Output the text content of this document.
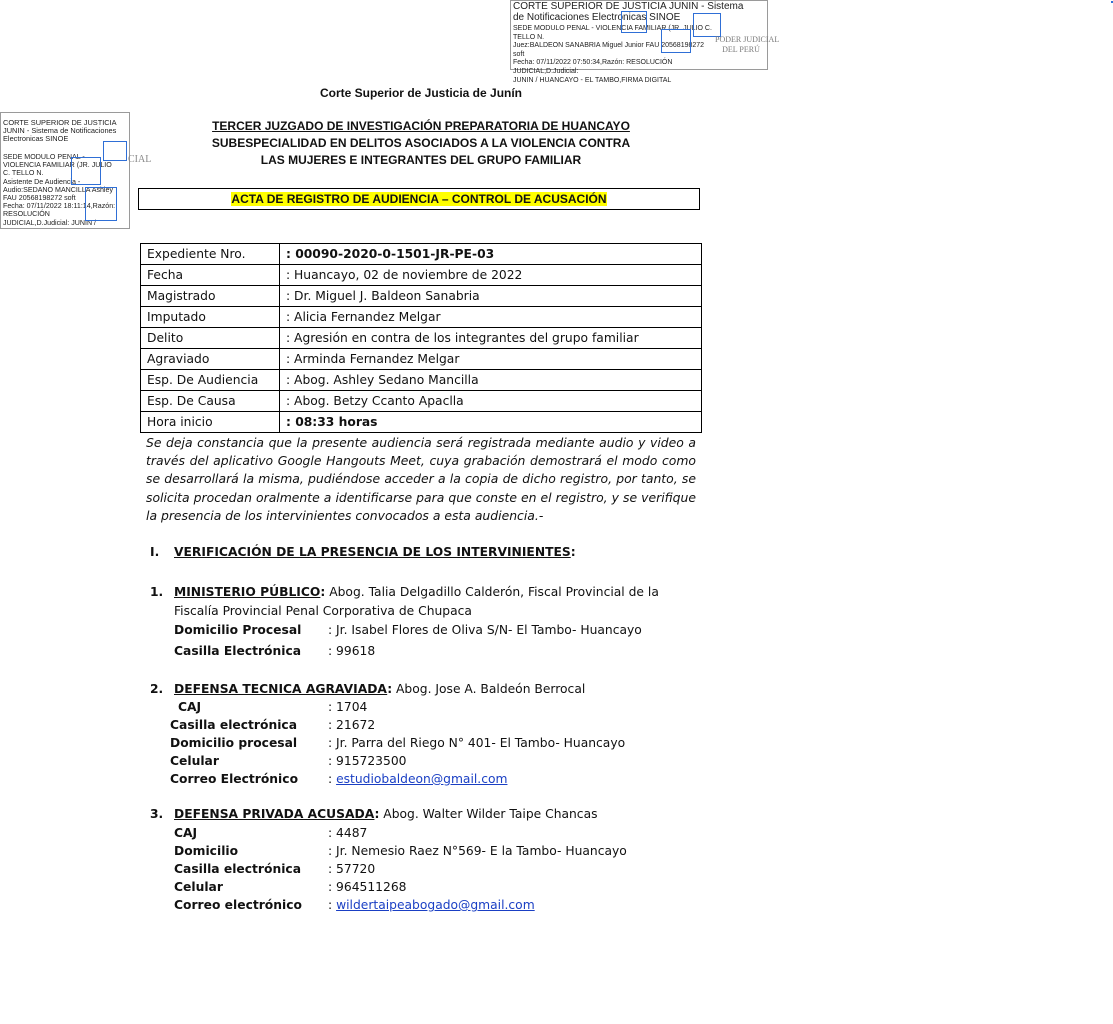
CORTE SUPERIOR DE JUSTICIA JUNIN - Sistema
de Notificaciones Electronicas SINOE
SEDE MODULO PENAL - VIOLENCIA FAMILIAR (JR. JULIO C. TELLO N.
Juez:BALDEON SANABRIA Miguel Junior FAU 20568198272 soft
Fecha: 07/11/2022 07:50:34,Razón: RESOLUCIÓN JUDICIAL,D.Judicial:
JUNIN / HUANCAYO - EL TAMBO,FIRMA DIGITAL
PODER JUDICIAL
DEL PERÚ
CORTE SUPERIOR DE JUSTICIA
JUNIN - Sistema de Notificaciones
Electronicas SINOE
SEDE MODULO PENAL -
VIOLENCIA FAMILIAR (JR. JULIO
C. TELLO N.
Asistente De Audiencia -
Audio:SEDANO MANCILLA Ashley
FAU 20568198272 soft
Fecha: 07/11/2022 18:11:14,Razón:
RESOLUCIÓN
JUDICIAL,D.Judicial: JUNIN /
CIAL
Corte Superior de Justicia de Junín
TERCER JUZGADO DE INVESTIGACIÓN PREPARATORIA DE HUANCAYO
SUBESPECIALIDAD EN DELITOS ASOCIADOS A LA VIOLENCIA CONTRA
LAS MUJERES E INTEGRANTES DEL GRUPO FAMILIAR
ACTA DE REGISTRO DE AUDIENCIA – CONTROL DE ACUSACIÓN
Expediente Nro.	: 00090-2020-0-1501-JR-PE-03
Fecha	: Huancayo, 02 de noviembre de 2022
Magistrado	: Dr. Miguel J. Baldeon Sanabria
Imputado	: Alicia Fernandez Melgar
Delito	: Agresión en contra de los integrantes del grupo familiar
Agraviado	: Arminda Fernandez Melgar
Esp. De Audiencia	: Abog. Ashley Sedano Mancilla
Esp. De Causa	: Abog. Betzy Ccanto Apaclla
Hora inicio	: 08:33 horas
Se deja constancia que la presente audiencia será registrada mediante audio y video a través del aplicativo Google Hangouts Meet, cuya grabación demostrará el modo como se desarrollará la misma, pudiéndose acceder a la copia de dicho registro, por tanto, se solicita procedan oralmente a identificarse para que conste en el registro, y se verifique la presencia de los intervinientes convocados a esta audiencia.-
I. VERIFICACIÓN DE LA PRESENCIA DE LOS INTERVINIENTES:
1. MINISTERIO PÚBLICO: Abog. Talia Delgadillo Calderón, Fiscal Provincial de la
Fiscalía Provincial Penal Corporativa de Chupaca
Domicilio Procesal : Jr. Isabel Flores de Oliva S/N- El Tambo- Huancayo
Casilla Electrónica : 99618
2. DEFENSA TECNICA AGRAVIADA: Abog. Jose A. Baldeón Berrocal
CAJ	: 1704
Casilla electrónica	: 21672
Domicilio procesal	: Jr. Parra del Riego N° 401- El Tambo- Huancayo
Celular	: 915723500
Correo Electrónico : estudiobaldeon@gmail.com
3. DEFENSA PRIVADA ACUSADA: Abog. Walter Wilder Taipe Chancas
CAJ	: 4487
Domicilio	: Jr. Nemesio Raez N°569- E la Tambo- Huancayo
Casilla electrónica : 57720
Celular	: 964511268
Correo electrónico : wildertaipeabogado@gmail.com
